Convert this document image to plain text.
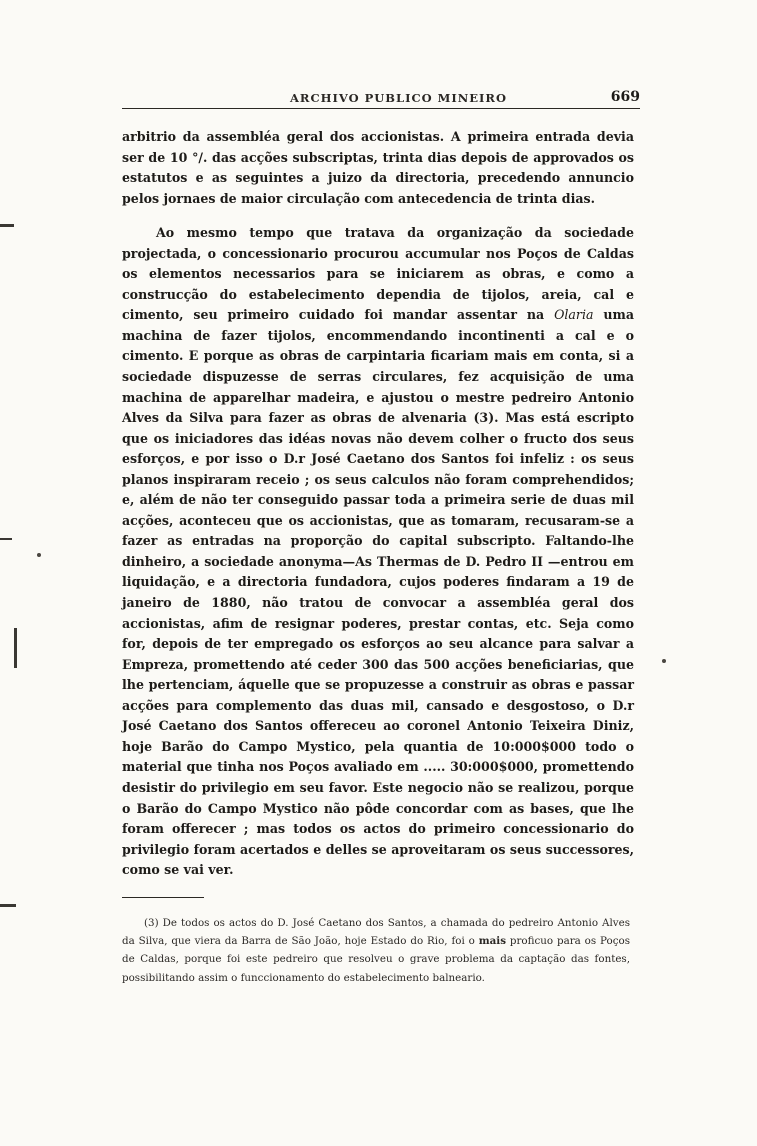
ARCHIVO PUBLICO MINEIRO	669

arbitrio da assembléa geral dos accionistas. A primeira entrada devia ser de 10 °/. das acções subscriptas, trinta dias depois de approvados os estatutos e as seguintes a juizo da directoria, precedendo annuncio pelos jornaes de maior circulação com antecedencia de trinta dias.

Ao mesmo tempo que tratava da organização da sociedade projectada, o concessionario procurou accumular nos Poços de Caldas os elementos necessarios para se iniciarem as obras, e como a construcção do estabelecimento dependia de tijolos, areia, cal e cimento, seu primeiro cuidado foi mandar assentar na Olaria uma machina de fazer tijolos, encommendando incontinenti a cal e o cimento. E porque as obras de carpintaria ficariam mais em conta, si a sociedade dispuzesse de serras circulares, fez acquisição de uma machina de apparelhar madeira, e ajustou o mestre pedreiro Antonio Alves da Silva para fazer as obras de alvenaria (3). Mas está escripto que os iniciadores das idéas novas não devem colher o fructo dos seus esforços, e por isso o D.r José Caetano dos Santos foi infeliz : os seus planos inspiraram receio ; os seus calculos não foram comprehendidos; e, além de não ter conseguido passar toda a primeira serie de duas mil acções, aconteceu que os accionistas, que as tomaram, recusaram-se a fazer as entradas na proporção do capital subscripto. Faltando-lhe dinheiro, a sociedade anonyma—As Thermas de D. Pedro II —entrou em liquidação, e a directoria fundadora, cujos poderes findaram a 19 de janeiro de 1880, não tratou de convocar a assembléa geral dos accionistas, afim de resignar poderes, prestar contas, etc. Seja como for, depois de ter empregado os esforços ao seu alcance para salvar a Empreza, promettendo até ceder 300 das 500 acções beneficiarias, que lhe pertenciam, áquelle que se propuzesse a construir as obras e passar acções para complemento das duas mil, cansado e desgostoso, o D.r José Caetano dos Santos offereceu ao coronel Antonio Teixeira Diniz, hoje Barão do Campo Mystico, pela quantia de 10:000$000 todo o material que tinha nos Poços avaliado em ..... 30:000$000, promettendo desistir do privilegio em seu favor. Este negocio não se realizou, porque o Barão do Campo Mystico não pôde concordar com as bases, que lhe foram offerecer ; mas todos os actos do primeiro concessionario do privilegio foram acertados e delles se aproveitaram os seus successores, como se vai ver.

(3) De todos os actos do D. José Caetano dos Santos, a chamada do pedreiro Antonio Alves da Silva, que viera da Barra de São João, hoje Estado do Rio, foi o mais proficuo para os Poços de Caldas, porque foi este pedreiro que resolveu o grave problema da captação das fontes, possibilitando assim o funccionamento do estabelecimento balneario.
